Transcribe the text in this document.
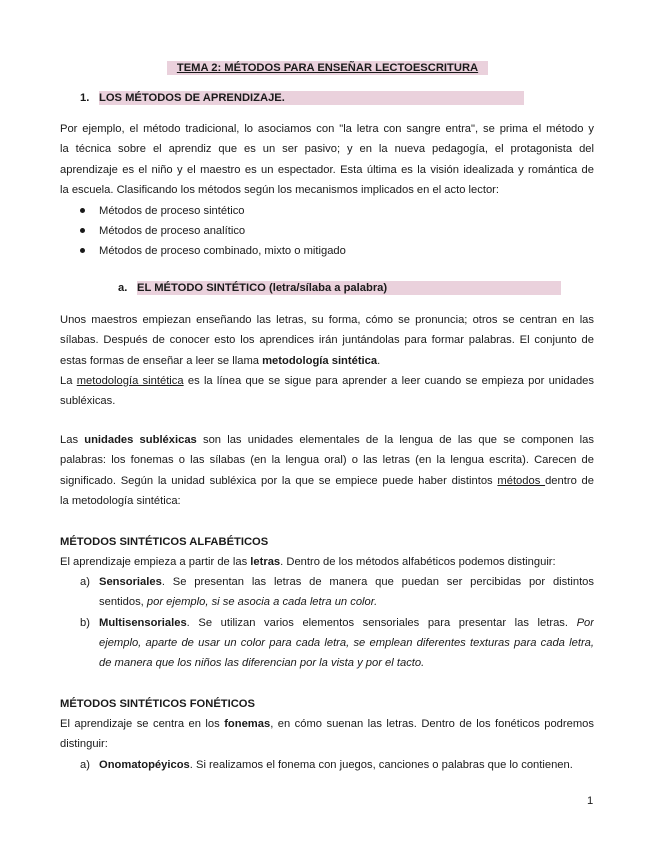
TEMA 2: MÉTODOS PARA ENSEÑAR LECTOESCRITURA
1. LOS MÉTODOS DE APRENDIZAJE.
Por ejemplo, el método tradicional, lo asociamos con "la letra con sangre entra", se prima el método y
la técnica sobre el aprendiz que es un ser pasivo; y en la nueva pedagogía, el protagonista del
aprendizaje es el niño y el maestro es un espectador. Esta última es la visión idealizada y romántica de
la escuela. Clasificando los métodos según los mecanismos implicados en el acto lector:
Métodos de proceso sintético
Métodos de proceso analítico
Métodos de proceso combinado, mixto o mitigado
a. EL MÉTODO SINTÉTICO (letra/sílaba a palabra)
Unos maestros empiezan enseñando las letras, su forma, cómo se pronuncia; otros se centran en las
sílabas. Después de conocer esto los aprendices irán juntándolas para formar palabras. El conjunto de
estas formas de enseñar a leer se llama metodología sintética.
La metodología sintética es la línea que se sigue para aprender a leer cuando se empieza por unidades
subléxicas.
Las unidades subléxicas son las unidades elementales de la lengua de las que se componen las
palabras: los fonemas o las sílabas (en la lengua oral) o las letras (en la lengua escrita). Carecen de
significado. Según la unidad subléxica por la que se empiece puede haber distintos métodos dentro de
la metodología sintética:
MÉTODOS SINTÉTICOS ALFABÉTICOS
El aprendizaje empieza a partir de las letras. Dentro de los métodos alfabéticos podemos distinguir:
a) Sensoriales. Se presentan las letras de manera que puedan ser percibidas por distintos
sentidos, por ejemplo, si se asocia a cada letra un color.
b) Multisensoriales. Se utilizan varios elementos sensoriales para presentar las letras. Por
ejemplo, aparte de usar un color para cada letra, se emplean diferentes texturas para cada letra,
de manera que los niños las diferencian por la vista y por el tacto.
MÉTODOS SINTÉTICOS FONÉTICOS
El aprendizaje se centra en los fonemas, en cómo suenan las letras. Dentro de los fonéticos podremos
distinguir:
a) Onomatopéyicos. Si realizamos el fonema con juegos, canciones o palabras que lo contienen.
1
